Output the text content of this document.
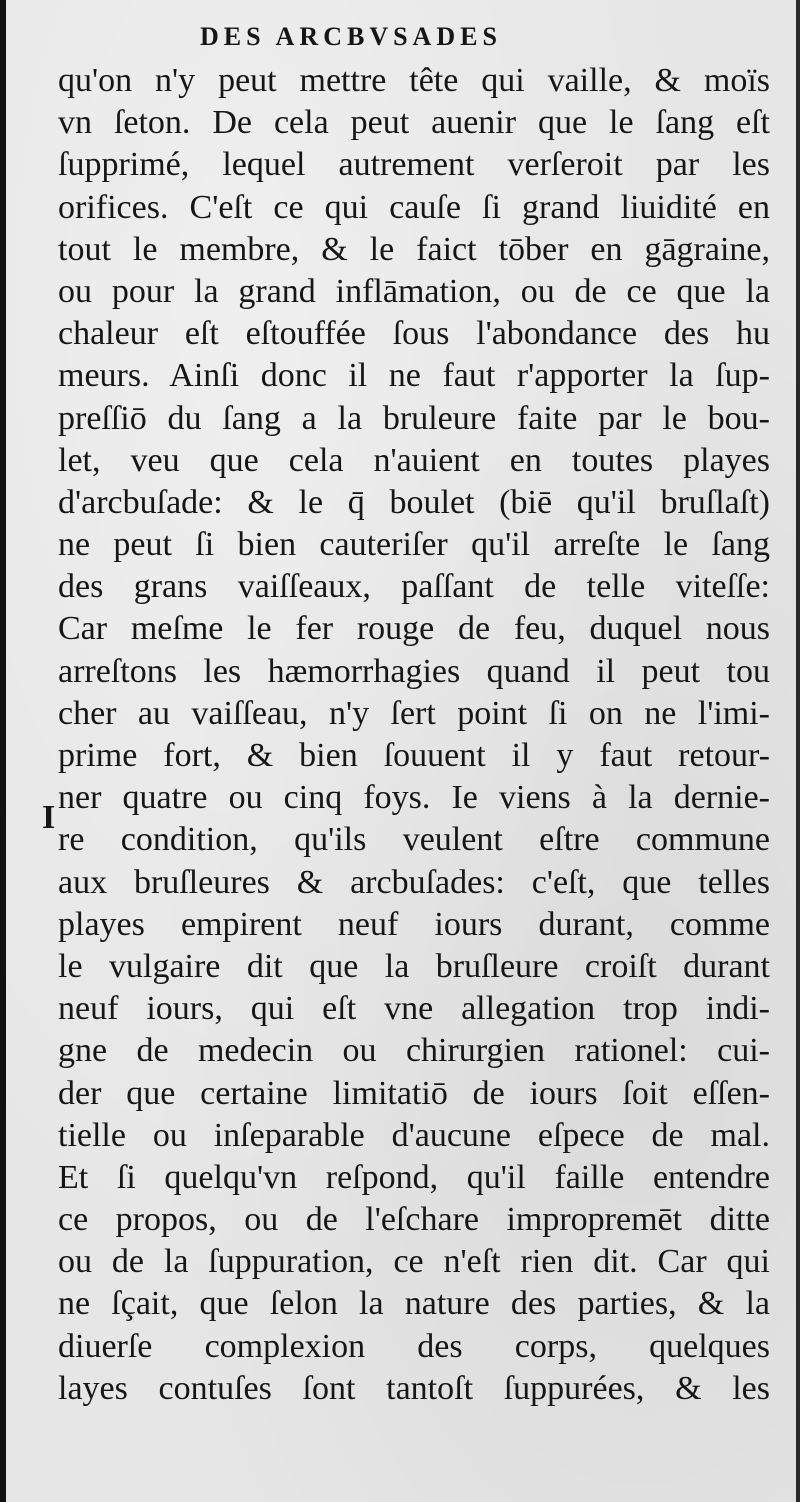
DES ARCBVSADES
I
qu'on n'y peut mettre tête qui vaille, & moïs
vn ſeton. De cela peut auenir que le ſang eſt
ſupprimé, lequel autrement verſeroit par les
orifices. C'eſt ce qui cauſe ſi grand liuidité en
tout le membre, & le faict tōber en gāgraine,
ou pour la grand inflāmation, ou de ce que la
chaleur eſt eſtouffée ſous l'abondance des hu
meurs. Ainſi donc il ne faut r'apporter la ſup-
preſſiō du ſang a la bruleure faite par le bou-
let, veu que cela n'auient en toutes playes
d'arcbuſade: & le q̄ boulet (biē qu'il bruſlaſt)
ne peut ſi bien cauteriſer qu'il arreſte le ſang
des grans vaiſſeaux, paſſant de telle viteſſe:
Car meſme le fer rouge de feu, duquel nous
arreſtons les hæmorrhagies quand il peut tou
cher au vaiſſeau, n'y ſert point ſi on ne l'imi-
prime fort, & bien ſouuent il y faut retour-
ner quatre ou cinq foys. Ie viens à la dernie-
re condition, qu'ils veulent eſtre commune
aux bruſleures & arcbuſades: c'eſt, que telles
playes empirent neuf iours durant, comme
le vulgaire dit que la bruſleure croiſt durant
neuf iours, qui eſt vne allegation trop indi-
gne de medecin ou chirurgien rationel: cui-
der que certaine limitatiō de iours ſoit eſſen-
tielle ou inſeparable d'aucune eſpece de mal.
Et ſi quelqu'vn reſpond, qu'il faille entendre
ce propos, ou de l'eſchare impropremēt ditte
ou de la ſuppuration, ce n'eſt rien dit. Car qui
ne ſçait, que ſelon la nature des parties, & la
diuerſe complexion des corps, quelques
layes contuſes ſont tantoſt ſuppurées, & les
